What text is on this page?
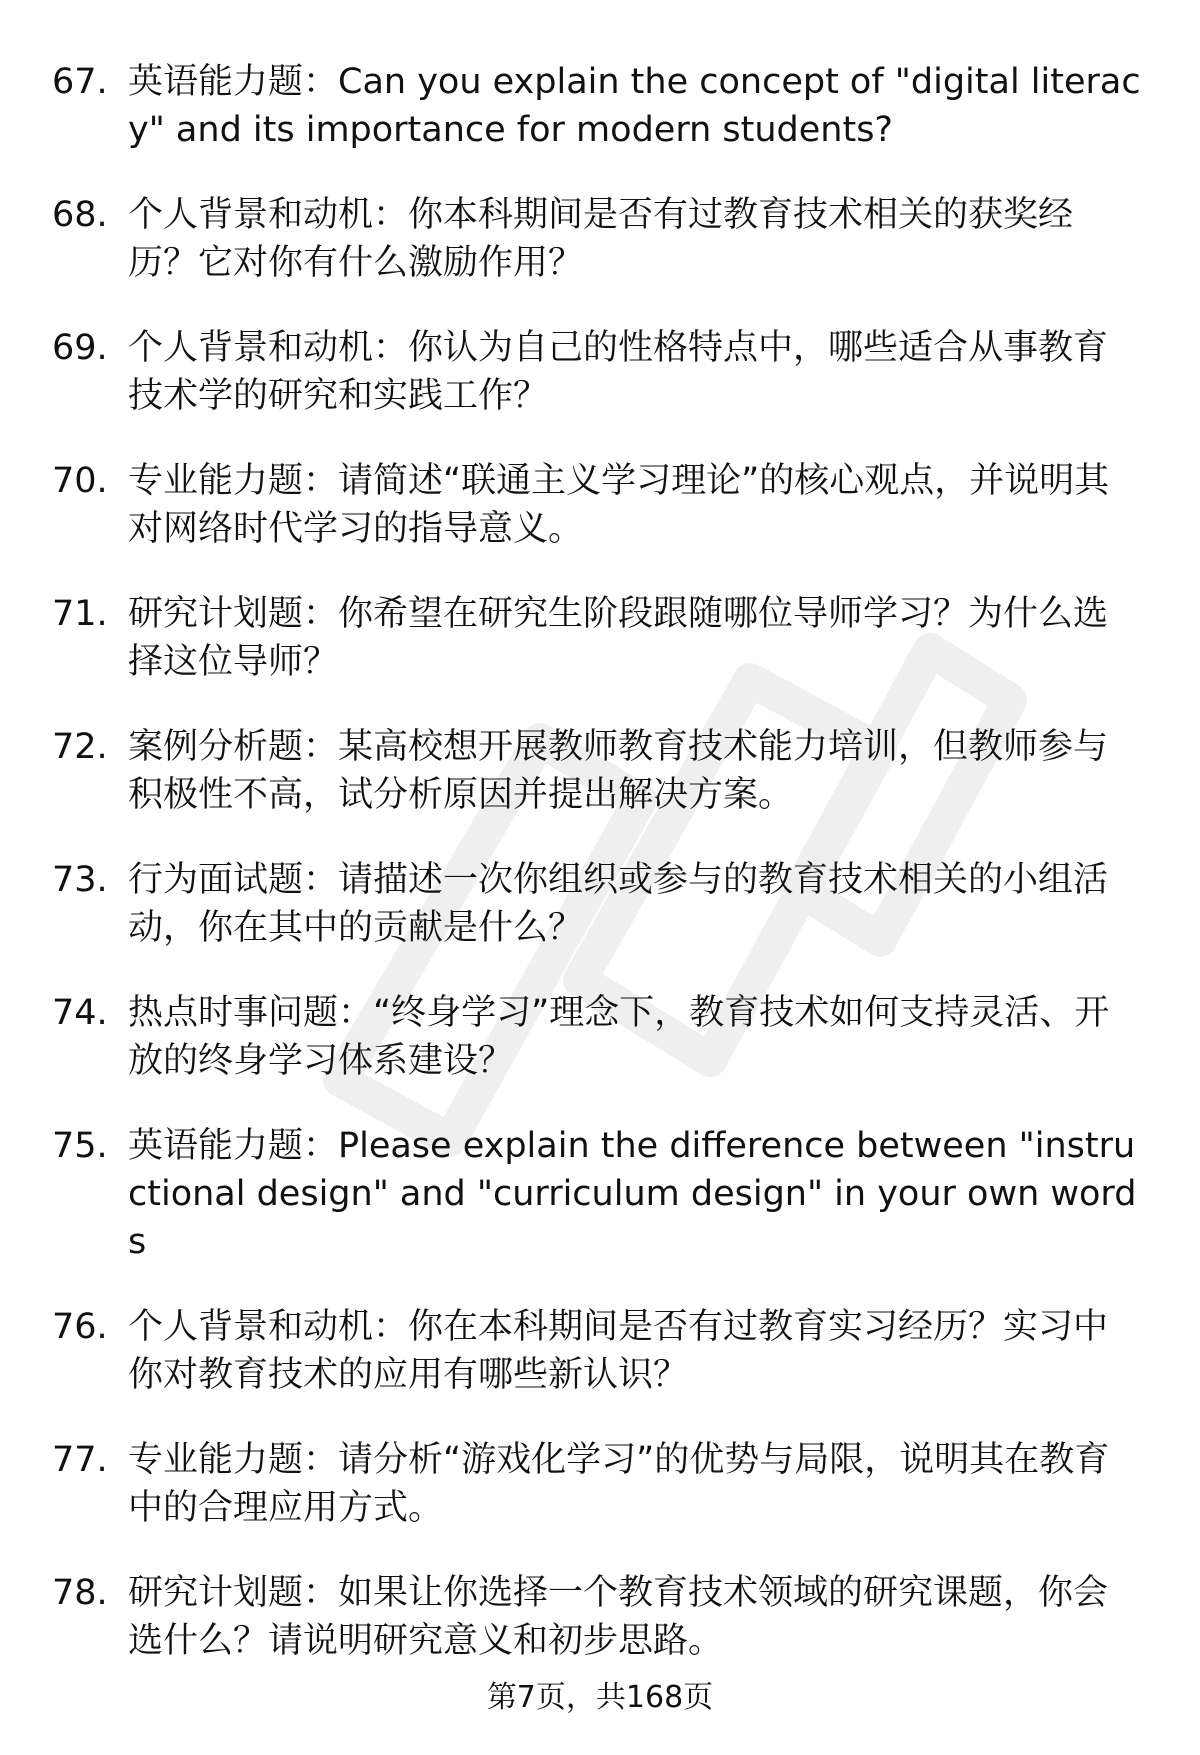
67. 英语能力题：Can you explain the concept of "digital literacy" and its importance for modern students?
68. 个人背景和动机：你本科期间是否有过教育技术相关的获奖经历？它对你有什么激励作用？
69. 个人背景和动机：你认为自己的性格特点中，哪些适合从事教育技术学的研究和实践工作？
70. 专业能力题：请简述“联通主义学习理论”的核心观点，并说明其对网络时代学习的指导意义。
71. 研究计划题：你希望在研究生阶段跟随哪位导师学习？为什么选择这位导师？
72. 案例分析题：某高校想开展教师教育技术能力培训，但教师参与积极性不高，试分析原因并提出解决方案。
73. 行为面试题：请描述一次你组织或参与的教育技术相关的小组活动，你在其中的贡献是什么？
74. 热点时事问题：“终身学习”理念下，教育技术如何支持灵活、开放的终身学习体系建设？
75. 英语能力题：Please explain the difference between "instructional design" and "curriculum design" in your own words
76. 个人背景和动机：你在本科期间是否有过教育实习经历？实习中你对教育技术的应用有哪些新认识？
77. 专业能力题：请分析“游戏化学习”的优势与局限，说明其在教育中的合理应用方式。
78. 研究计划题：如果让你选择一个教育技术领域的研究课题，你会选什么？请说明研究意义和初步思路。
第7页，共168页
